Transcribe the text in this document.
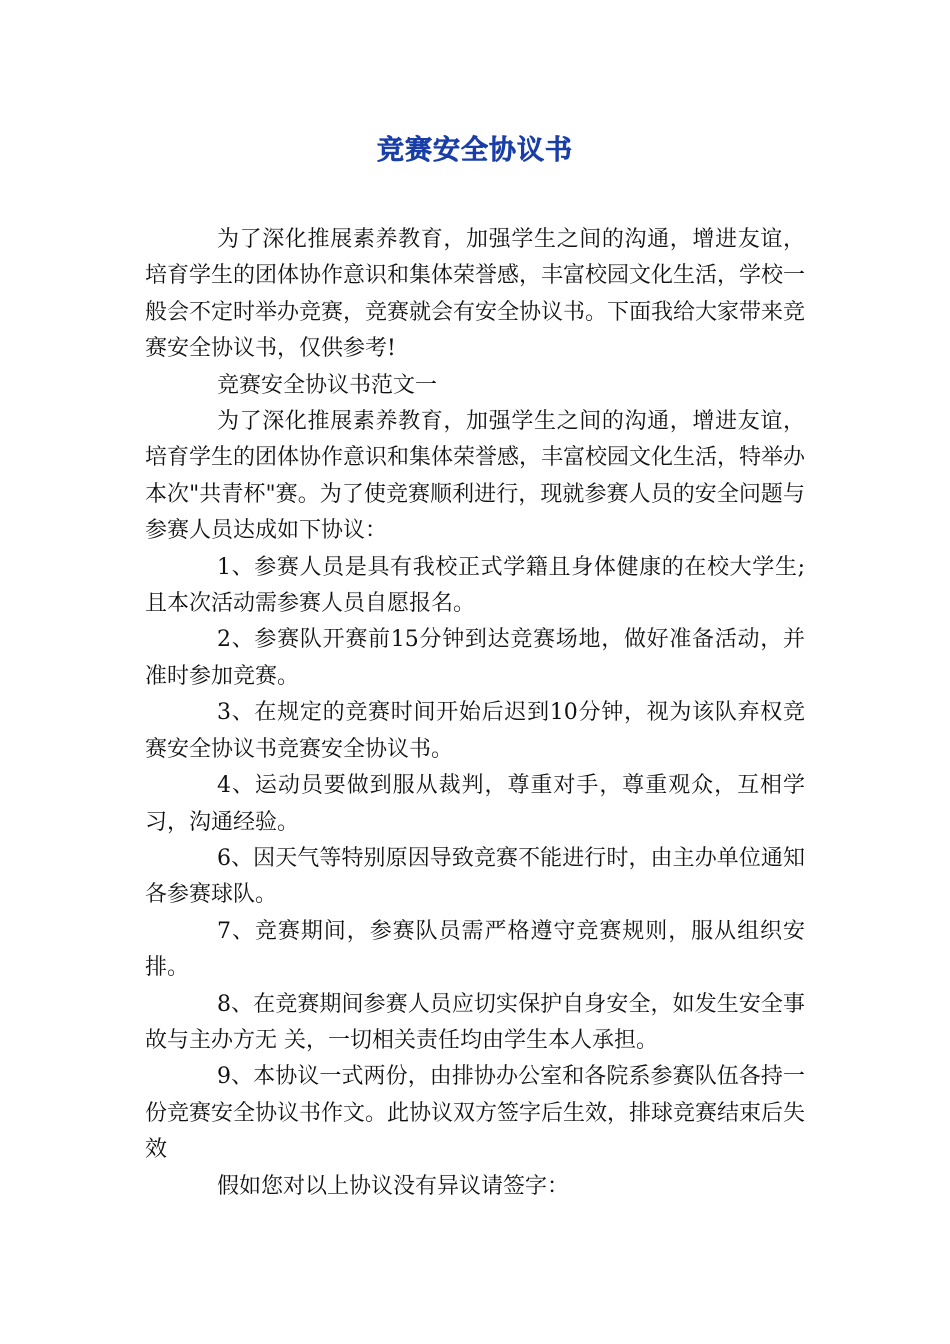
竞赛安全协议书

为了深化推展素养教育，加强学生之间的沟通，增进友谊，培育学生的团体协作意识和集体荣誉感，丰富校园文化生活，学校一般会不定时举办竞赛，竞赛就会有安全协议书。下面我给大家带来竞赛安全协议书，仅供参考!

竞赛安全协议书范文一

为了深化推展素养教育，加强学生之间的沟通，增进友谊，培育学生的团体协作意识和集体荣誉感，丰富校园文化生活，特举办本次"共青杯"赛。为了使竞赛顺利进行，现就参赛人员的安全问题与参赛人员达成如下协议：

1、参赛人员是具有我校正式学籍且身体健康的在校大学生;且本次活动需参赛人员自愿报名。

2、参赛队开赛前15分钟到达竞赛场地，做好准备活动，并准时参加竞赛。

3、在规定的竞赛时间开始后迟到10分钟，视为该队弃权竞赛安全协议书竞赛安全协议书。

4、运动员要做到服从裁判，尊重对手，尊重观众，互相学习，沟通经验。

6、因天气等特别原因导致竞赛不能进行时，由主办单位通知各参赛球队。

7、竞赛期间，参赛队员需严格遵守竞赛规则，服从组织安排。

8、在竞赛期间参赛人员应切实保护自身安全，如发生安全事故与主办方无 关，一切相关责任均由学生本人承担。

9、本协议一式两份，由排协办公室和各院系参赛队伍各持一份竞赛安全协议书作文。此协议双方签字后生效，排球竞赛结束后失效

假如您对以上协议没有异议请签字：
